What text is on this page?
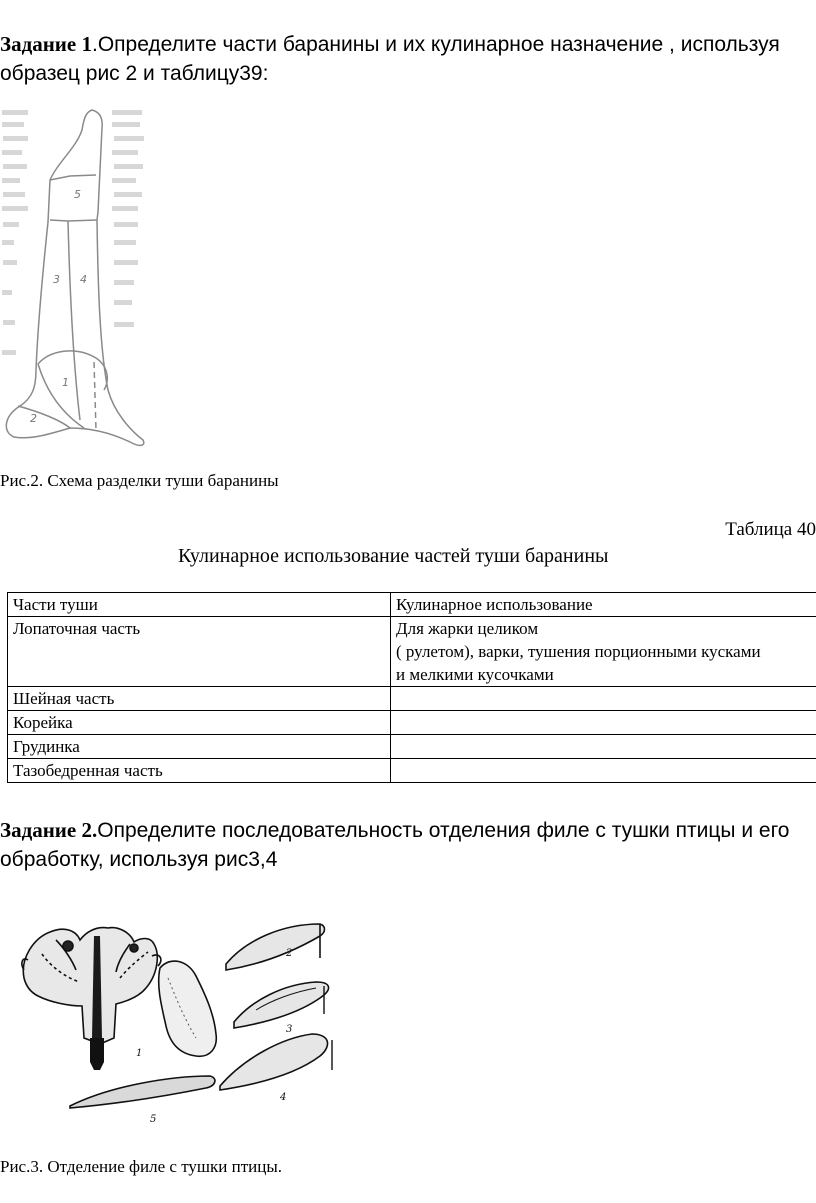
Задание 1.Определите части баранины и их кулинарное назначение , используя
образец рис 2 и таблицу39:
5
3 4
1
2
Рис.2. Схема разделки туши баранины
Таблица 40
Кулинарное использование частей туши баранины
Части туши	Кулинарное использование
Лопаточная часть	Для жарки целиком
( рулетом), варки, тушения порционными кусками
и мелкими кусочками

Шейная часть	
Корейка	
Грудинка	
Тазобедренная часть	
Задание 2.Определите последовательность отделения филе с тушки птицы и его
обработку, используя рис3,4
1
2
3
4
5
Рис.3. Отделение филе с тушки птицы.
